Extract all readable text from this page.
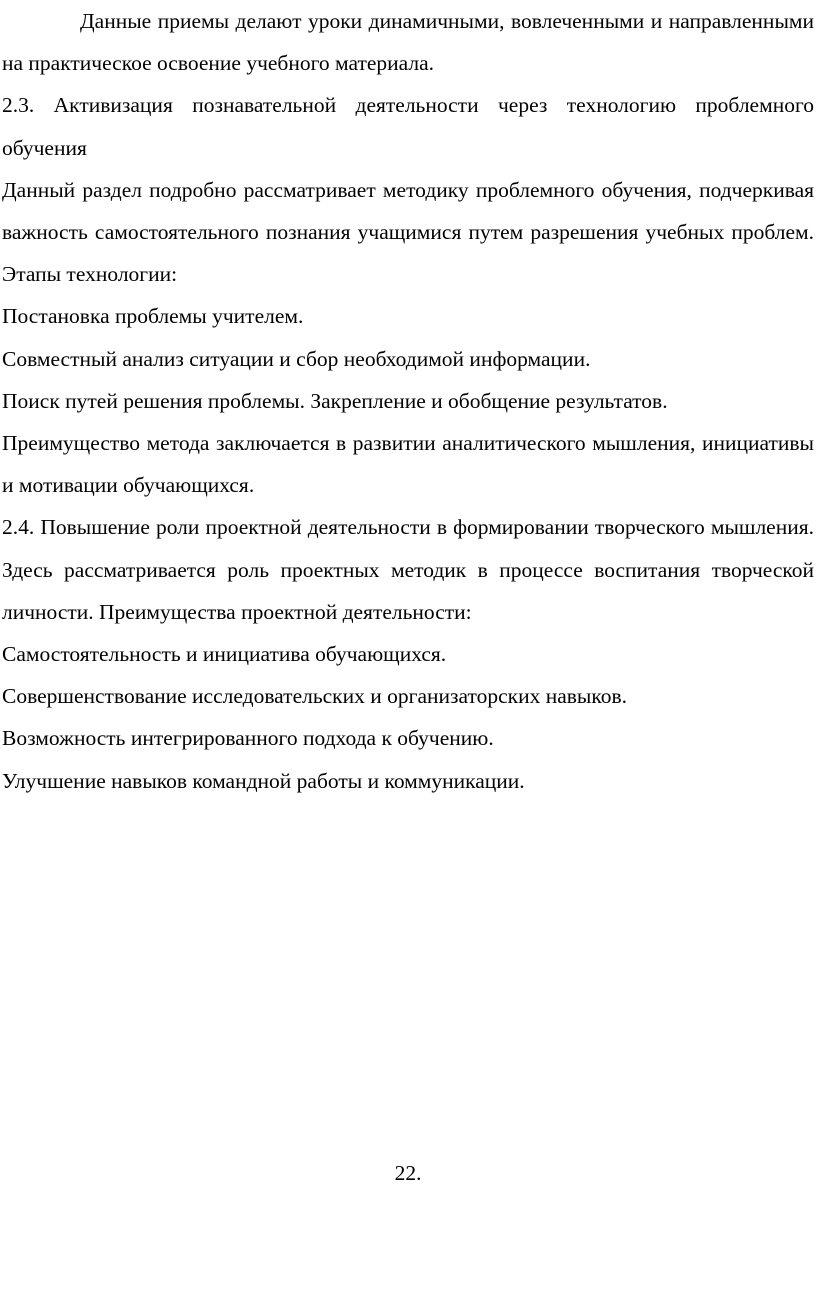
Данные приемы делают уроки динамичными, вовлеченными и направленными на практическое освоение учебного материала.

2.3. Активизация познавательной деятельности через технологию проблемного обучения

Данный раздел подробно рассматривает методику проблемного обучения, подчеркивая важность самостоятельного познания учащимися путем разрешения учебных проблем. Этапы технологии:

Постановка проблемы учителем.

Совместный анализ ситуации и сбор необходимой информации.

Поиск путей решения проблемы. Закрепление и обобщение результатов.

Преимущество метода заключается в развитии аналитического мышления, инициативы и мотивации обучающихся.

2.4. Повышение роли проектной деятельности в формировании творческого мышления. Здесь рассматривается роль проектных методик в процессе воспитания творческой личности. Преимущества проектной деятельности:

Самостоятельность и инициатива обучающихся.

Совершенствование исследовательских и организаторских навыков.

Возможность интегрированного подхода к обучению.

Улучшение навыков командной работы и коммуникации.

22.
